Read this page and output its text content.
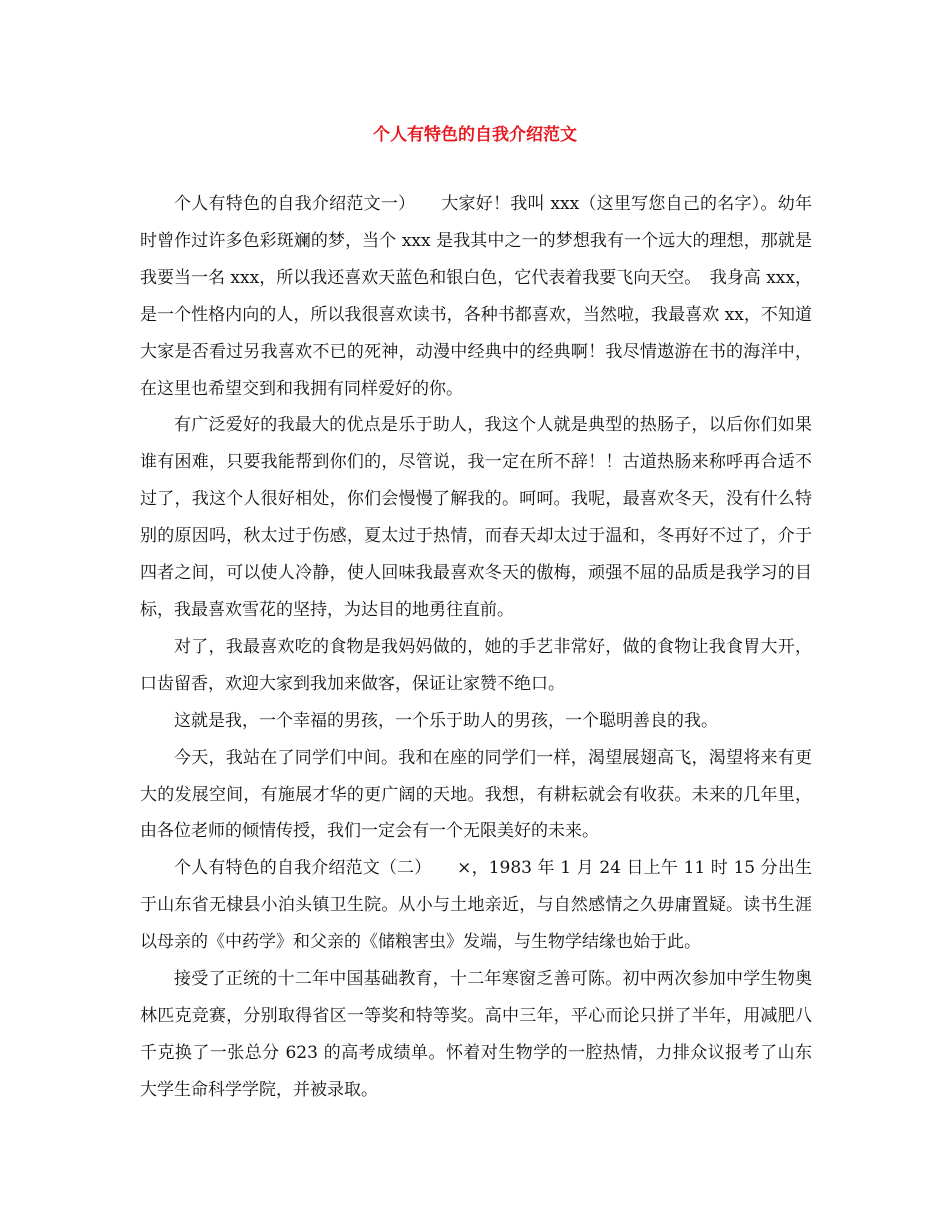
个人有特色的自我介绍范文

个人有特色的自我介绍范文一）　　大家好！我叫 xxx（这里写您自己的名字）。幼年时曾作过许多色彩斑斓的梦，当个 xxx 是我其中之一的梦想我有一个远大的理想，那就是我要当一名 xxx，所以我还喜欢天蓝色和银白色，它代表着我要飞向天空。　我身高 xxx，是一个性格内向的人，所以我很喜欢读书，各种书都喜欢，当然啦，我最喜欢 xx，不知道大家是否看过另我喜欢不已的死神，动漫中经典中的经典啊！我尽情遨游在书的海洋中，在这里也希望交到和我拥有同样爱好的你。

有广泛爱好的我最大的优点是乐于助人，我这个人就是典型的热肠子，以后你们如果谁有困难，只要我能帮到你们的，尽管说，我一定在所不辞！！古道热肠来称呼再合适不过了，我这个人很好相处，你们会慢慢了解我的。呵呵。我呢，最喜欢冬天，没有什么特别的原因吗，秋太过于伤感，夏太过于热情，而春天却太过于温和，冬再好不过了，介于四者之间，可以使人冷静，使人回味我最喜欢冬天的傲梅，顽强不屈的品质是我学习的目标，我最喜欢雪花的坚持，为达目的地勇往直前。

对了，我最喜欢吃的食物是我妈妈做的，她的手艺非常好，做的食物让我食胃大开，口齿留香，欢迎大家到我加来做客，保证让家赞不绝口。

这就是我，一个幸福的男孩，一个乐于助人的男孩，一个聪明善良的我。

今天，我站在了同学们中间。我和在座的同学们一样，渴望展翅高飞，渴望将来有更大的发展空间，有施展才华的更广阔的天地。我想，有耕耘就会有收获。未来的几年里，由各位老师的倾情传授，我们一定会有一个无限美好的未来。

个人有特色的自我介绍范文（二）　　×，1983 年 1 月 24 日上午 11 时 15 分出生于山东省无棣县小泊头镇卫生院。从小与土地亲近，与自然感情之久毋庸置疑。读书生涯以母亲的《中药学》和父亲的《储粮害虫》发端，与生物学结缘也始于此。

接受了正统的十二年中国基础教育，十二年寒窗乏善可陈。初中两次参加中学生物奥林匹克竞赛，分别取得省区一等奖和特等奖。高中三年，平心而论只拼了半年，用减肥八千克换了一张总分 623 的高考成绩单。怀着对生物学的一腔热情，力排众议报考了山东大学生命科学学院，并被录取。
